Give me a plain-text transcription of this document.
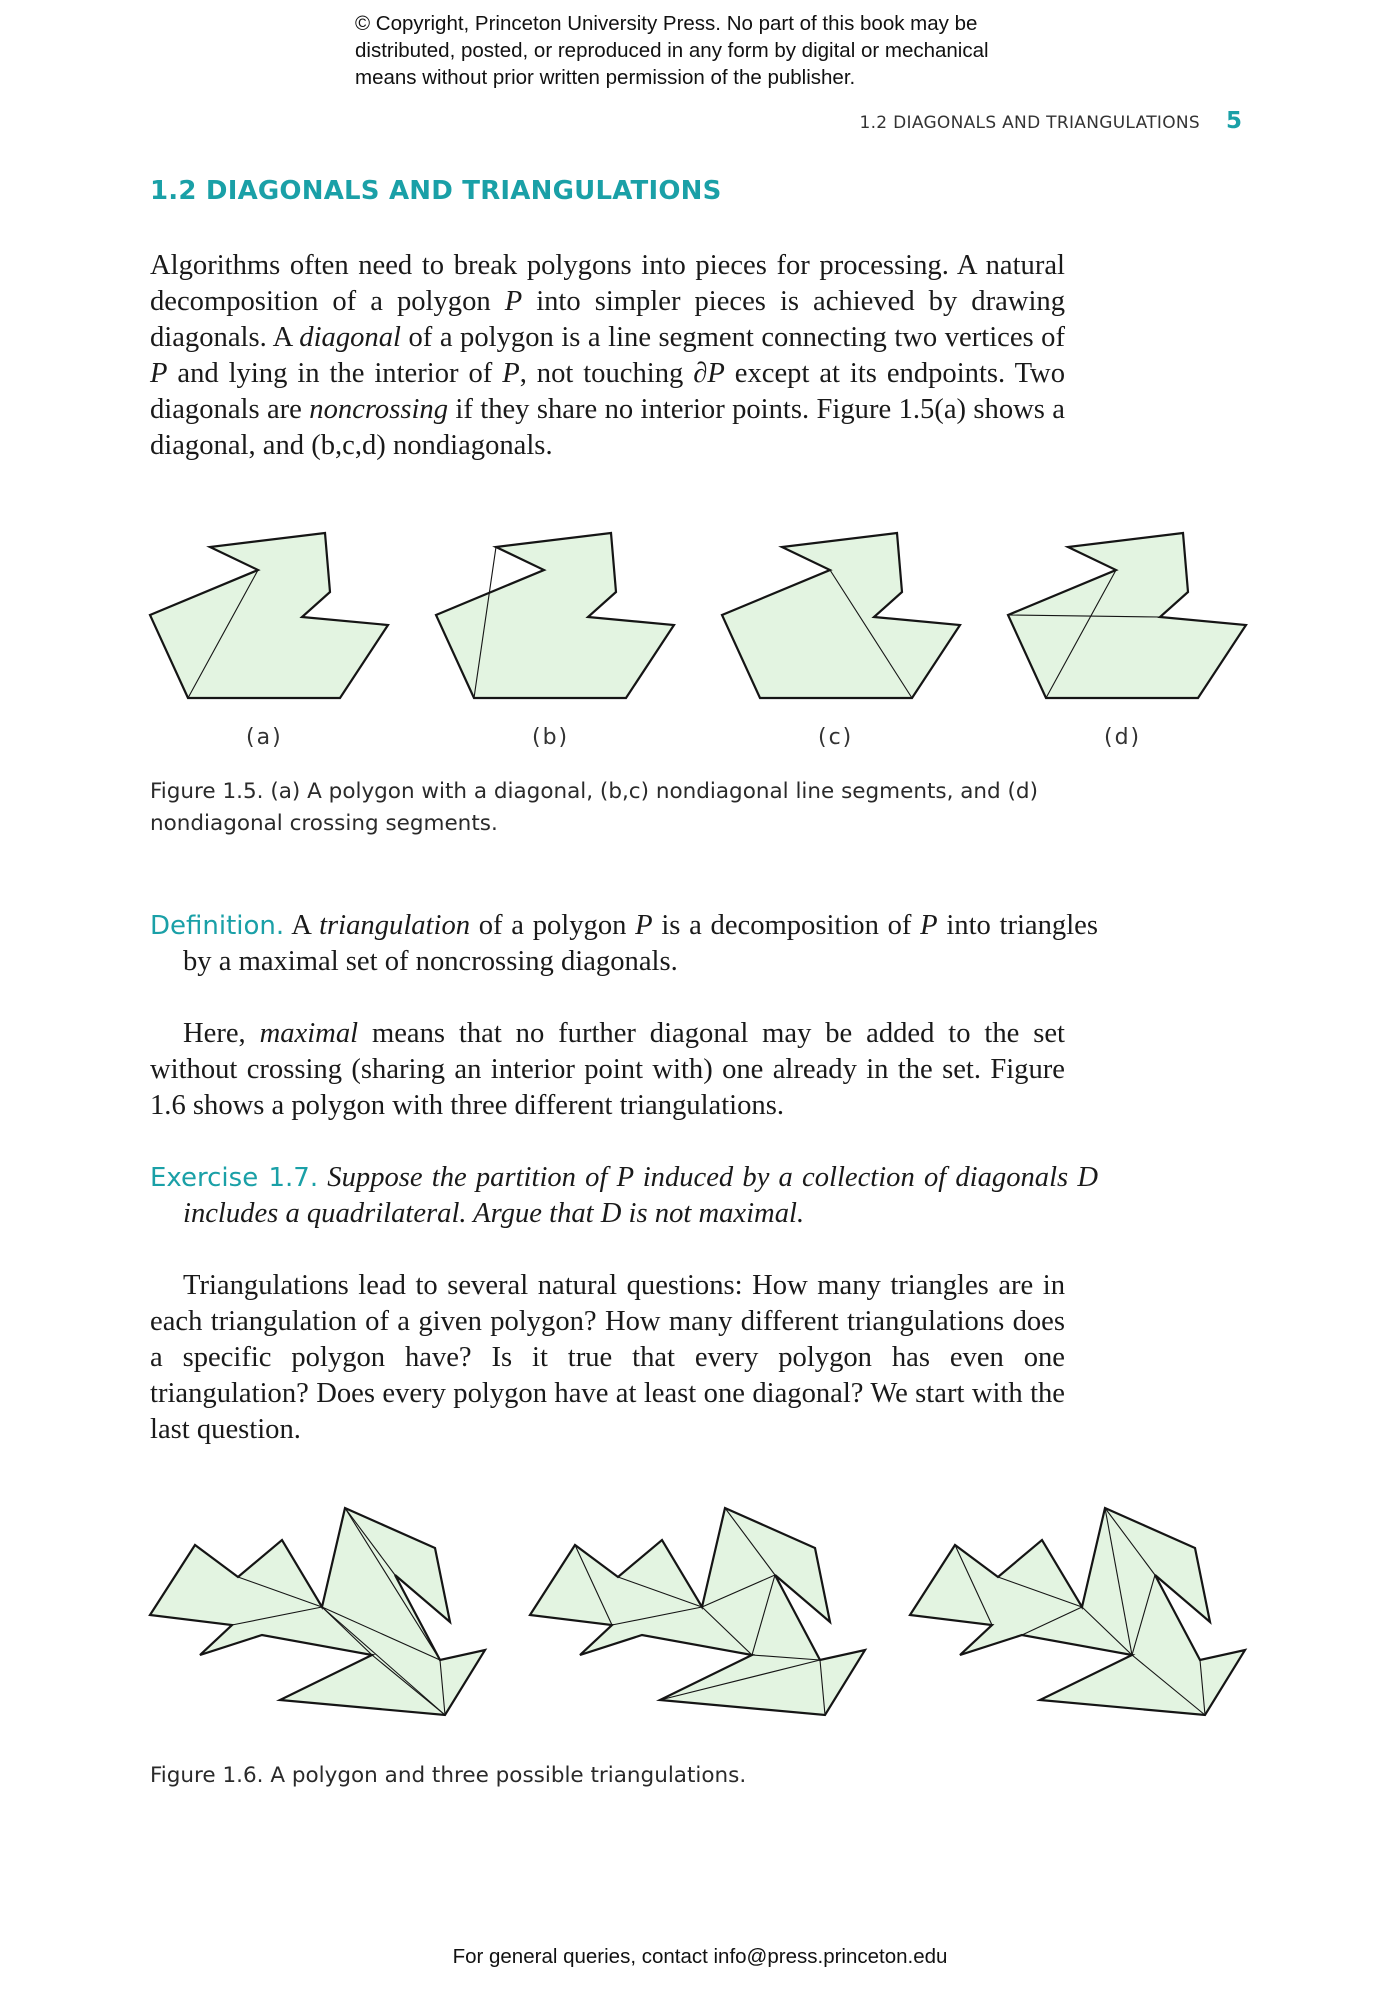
© Copyright, Princeton University Press. No part of this book may be
distributed, posted, or reproduced in any form by digital or mechanical
means without prior written permission of the publisher.
1.2 DIAGONALS AND TRIANGULATIONS 5
1.2 DIAGONALS AND TRIANGULATIONS

Algorithms often need to break polygons into pieces for processing. A natural decomposition of a polygon P into simpler pieces is achieved by drawing diagonals. A diagonal of a polygon is a line segment connecting two vertices of P and lying in the interior of P, not touching ∂P except at its endpoints. Two diagonals are noncrossing if they share no interior points. Figure 1.5(a) shows a diagonal, and (b,c,d) nondiagonals.

(a)	(b)	(c)	(d)
Figure 1.5. (a) A polygon with a diagonal, (b,c) nondiagonal line segments, and (d) nondiagonal crossing segments.

Definition. A triangulation of a polygon P is a decomposition of P into triangles by a maximal set of noncrossing diagonals.

Here, maximal means that no further diagonal may be added to the set without crossing (sharing an interior point with) one already in the set. Figure 1.6 shows a polygon with three different triangulations.

Exercise 1.7. Suppose the partition of P induced by a collection of diagonals D includes a quadrilateral. Argue that D is not maximal.

Triangulations lead to several natural questions: How many triangles are in each triangulation of a given polygon? How many different triangulations does a specific polygon have? Is it true that every polygon has even one triangulation? Does every polygon have at least one diagonal? We start with the last question.
Figure 1.6. A polygon and three possible triangulations.
For general queries, contact info@press.princeton.edu
